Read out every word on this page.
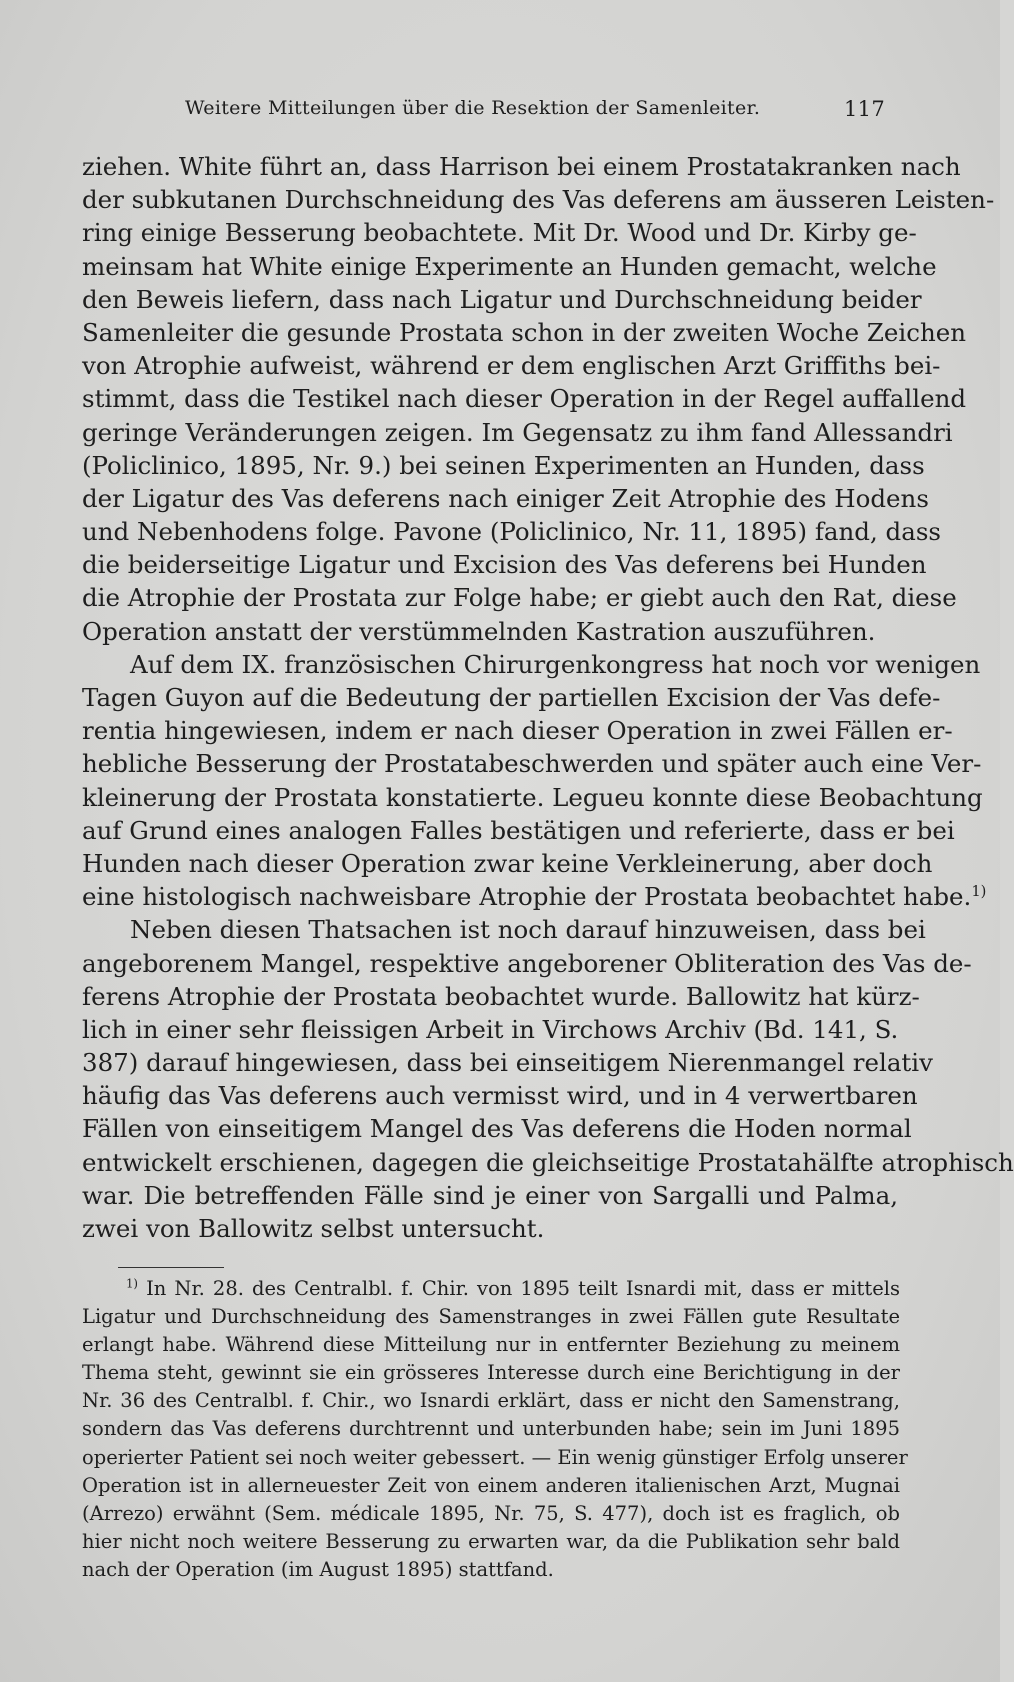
Weitere Mitteilungen über die Resektion der Samenleiter.	117
ziehen. White führt an, dass Harrison bei einem Prostatakranken nach
der subkutanen Durchschneidung des Vas deferens am äusseren Leisten-
ring einige Besserung beobachtete. Mit Dr. Wood und Dr. Kirby ge-
meinsam hat White einige Experimente an Hunden gemacht, welche
den Beweis liefern, dass nach Ligatur und Durchschneidung beider
Samenleiter die gesunde Prostata schon in der zweiten Woche Zeichen
von Atrophie aufweist, während er dem englischen Arzt Griffiths bei-
stimmt, dass die Testikel nach dieser Operation in der Regel auffallend
geringe Veränderungen zeigen. Im Gegensatz zu ihm fand Allessandri
(Policlinico, 1895, Nr. 9.) bei seinen Experimenten an Hunden, dass
der Ligatur des Vas deferens nach einiger Zeit Atrophie des Hodens
und Nebenhodens folge. Pavone (Policlinico, Nr. 11, 1895) fand, dass
die beiderseitige Ligatur und Excision des Vas deferens bei Hunden
die Atrophie der Prostata zur Folge habe; er giebt auch den Rat, diese
Operation anstatt der verstümmelnden Kastration auszuführen.
Auf dem IX. französischen Chirurgenkongress hat noch vor wenigen
Tagen Guyon auf die Bedeutung der partiellen Excision der Vas defe-
rentia hingewiesen, indem er nach dieser Operation in zwei Fällen er-
hebliche Besserung der Prostatabeschwerden und später auch eine Ver-
kleinerung der Prostata konstatierte. Legueu konnte diese Beobachtung
auf Grund eines analogen Falles bestätigen und referierte, dass er bei
Hunden nach dieser Operation zwar keine Verkleinerung, aber doch
eine histologisch nachweisbare Atrophie der Prostata beobachtet habe.$^{1)}$
Neben diesen Thatsachen ist noch darauf hinzuweisen, dass bei
angeborenem Mangel, respektive angeborener Obliteration des Vas de-
ferens Atrophie der Prostata beobachtet wurde. Ballowitz hat kürz-
lich in einer sehr fleissigen Arbeit in Virchows Archiv (Bd. 141, S.
387) darauf hingewiesen, dass bei einseitigem Nierenmangel relativ
häufig das Vas deferens auch vermisst wird, und in 4 verwertbaren
Fällen von einseitigem Mangel des Vas deferens die Hoden normal
entwickelt erschienen, dagegen die gleichseitige Prostatahälfte atrophisch
war. Die betreffenden Fälle sind je einer von Sargalli und Palma,
zwei von Ballowitz selbst untersucht.
$^{1)}$ In Nr. 28. des Centralbl. f. Chir. von 1895 teilt Isnardi mit, dass er mittels
Ligatur und Durchschneidung des Samenstranges in zwei Fällen gute Resultate
erlangt habe. Während diese Mitteilung nur in entfernter Beziehung zu meinem
Thema steht, gewinnt sie ein grösseres Interesse durch eine Berichtigung in der
Nr. 36 des Centralbl. f. Chir., wo Isnardi erklärt, dass er nicht den Samenstrang,
sondern das Vas deferens durchtrennt und unterbunden habe; sein im Juni 1895
operierter Patient sei noch weiter gebessert. — Ein wenig günstiger Erfolg unserer
Operation ist in allerneuester Zeit von einem anderen italienischen Arzt, Mugnai
(Arrezo) erwähnt (Sem. médicale 1895, Nr. 75, S. 477), doch ist es fraglich, ob
hier nicht noch weitere Besserung zu erwarten war, da die Publikation sehr bald
nach der Operation (im August 1895) stattfand.
